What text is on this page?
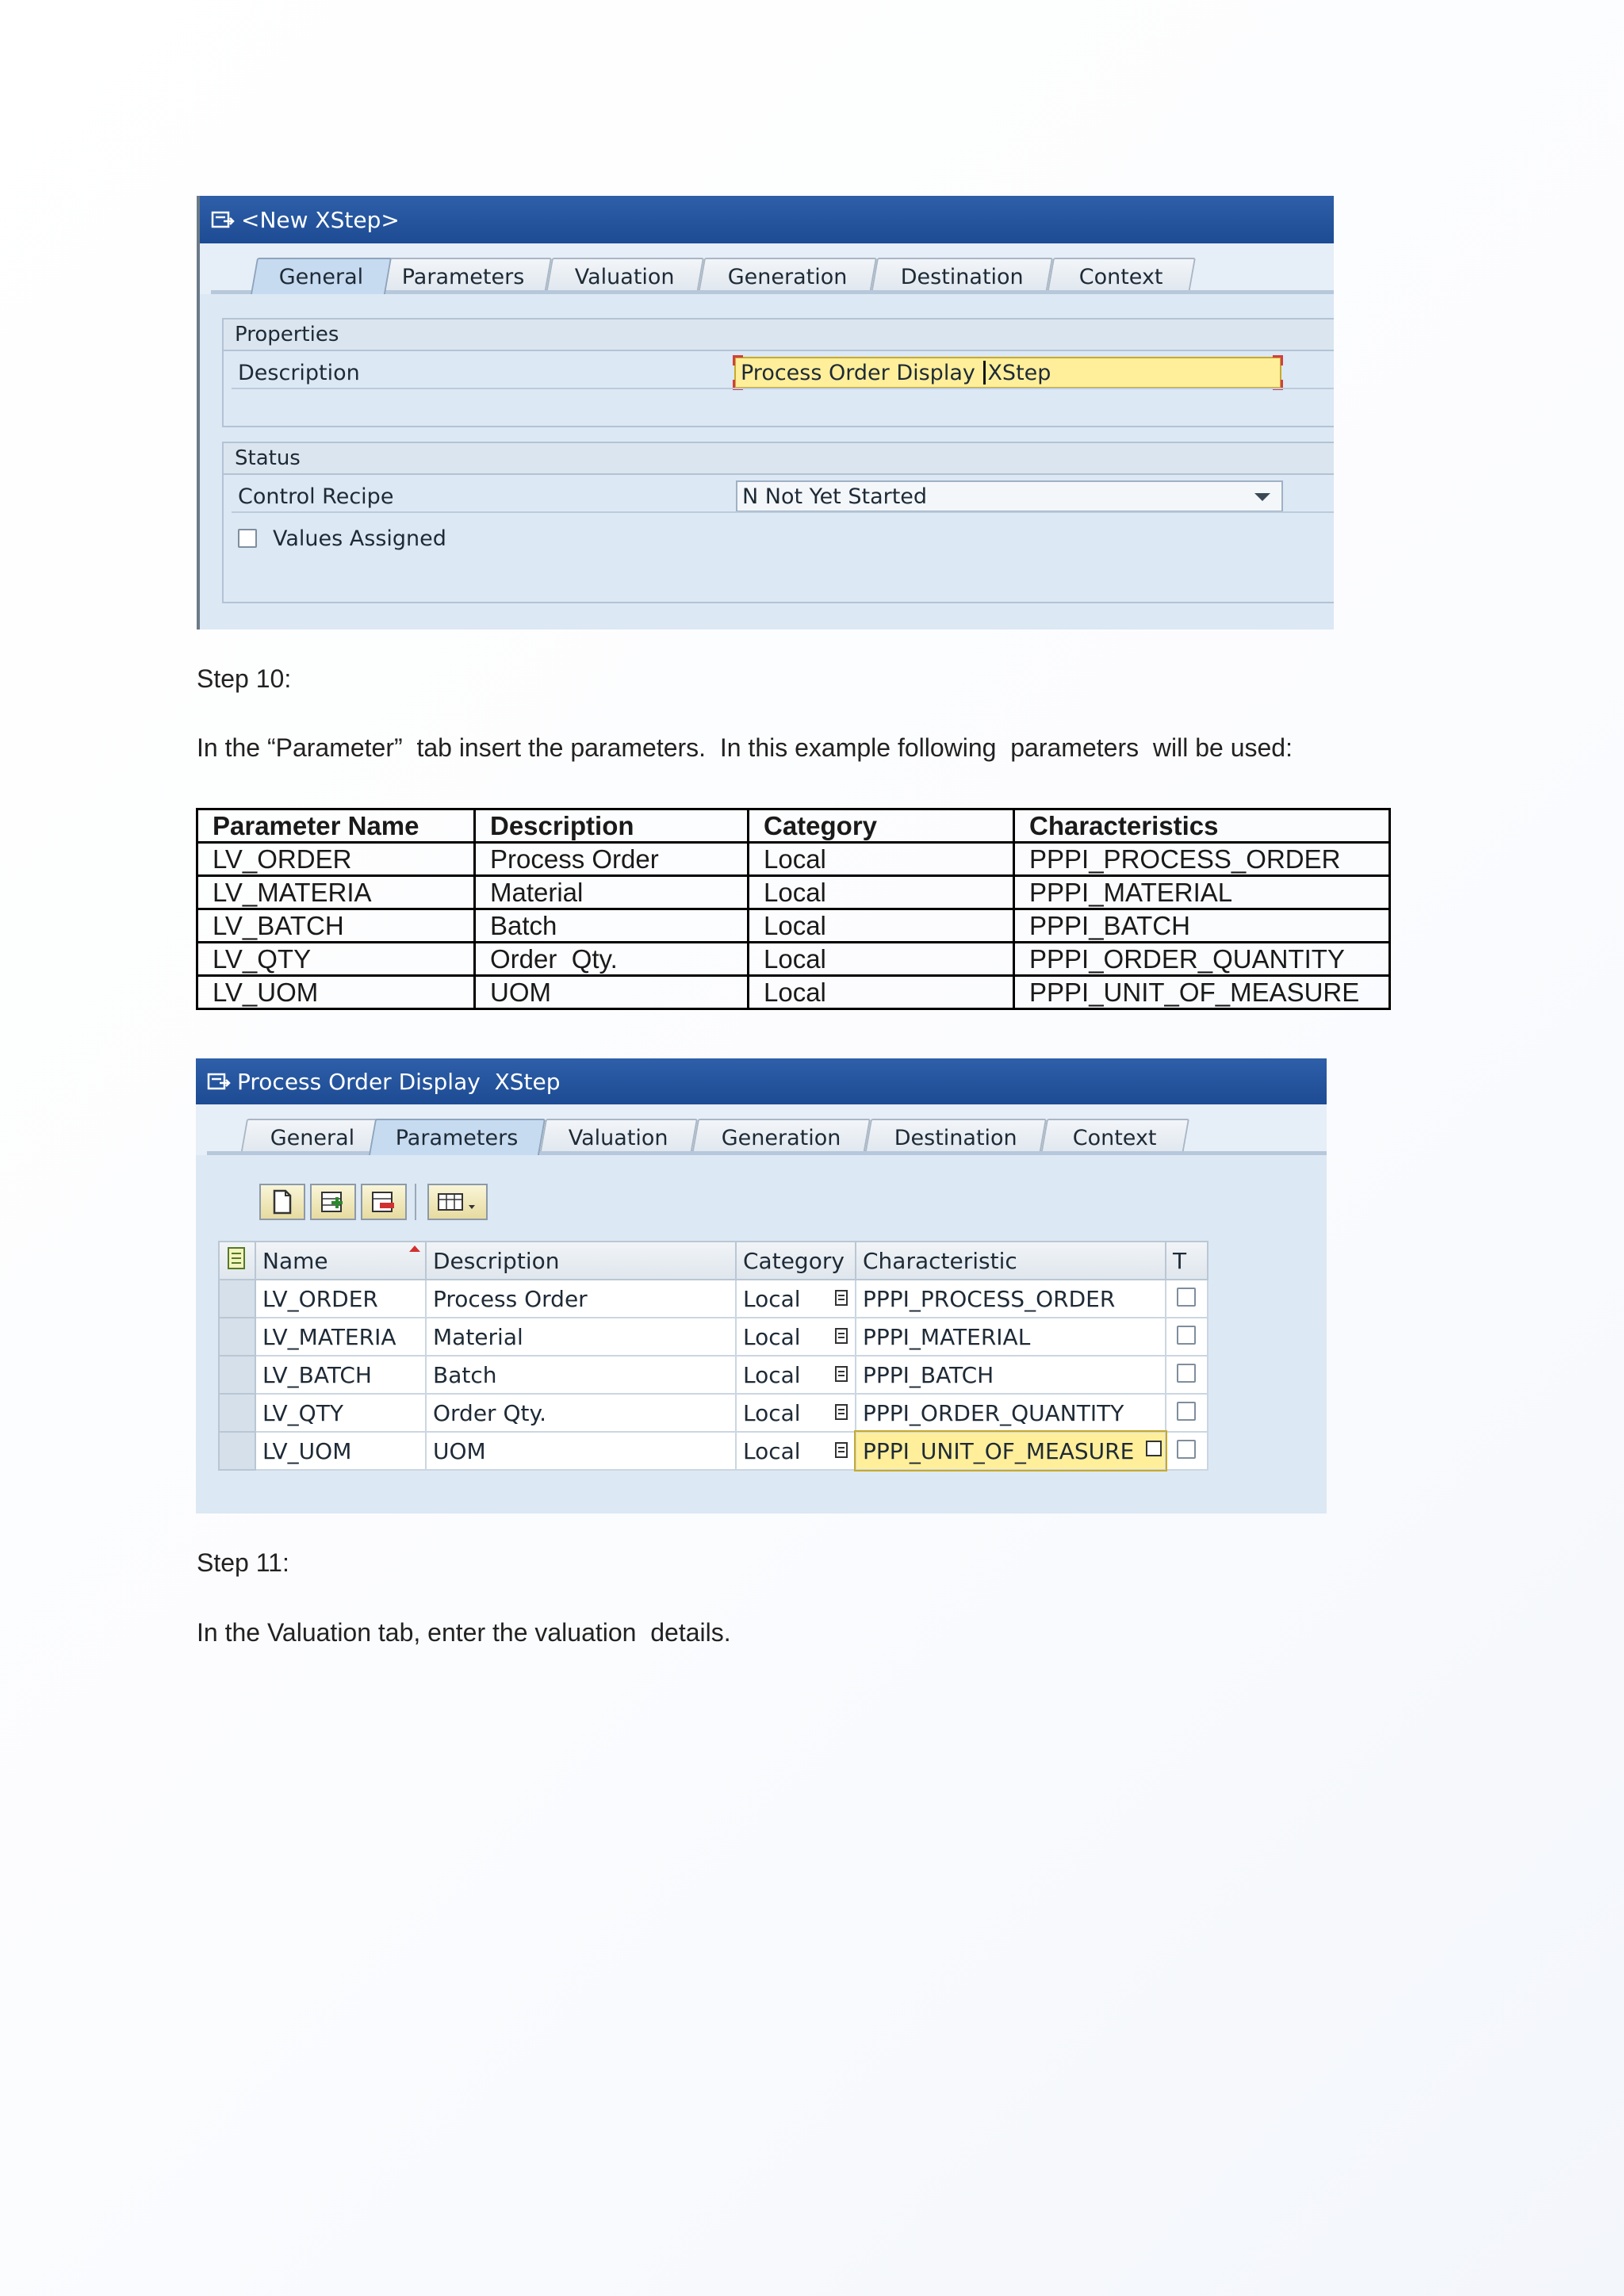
<New XStep>
General Parameters Valuation Generation Destination	Context
Properties
Description	Process Order Display XStep
Status
Control Recipe	N Not Yet Started
Values Assigned
Step 10:
In the “Parameter”  tab insert the parameters.  In this example following  parameters  will be used:
Parameter Name	Description	Category	Characteristics
LV_ORDER	Process Order	Local	PPPI_PROCESS_ORDER
LV_MATERIA	Material	Local	PPPI_MATERIAL
LV_BATCH	Batch	Local	PPPI_BATCH
LV_QTY	Order  Qty.	Local	PPPI_ORDER_QUANTITY
LV_UOM	UOM	Local	PPPI_UNIT_OF_MEASURE
Process Order Display  XStep
General Parameters Valuation Generation Destination	Context
	Name	Description	Category	Characteristic	T
	LV_ORDER	Process Order	Local	PPPI_PROCESS_ORDER	
	LV_MATERIA	Material	Local	PPPI_MATERIAL	
	LV_BATCH	Batch	Local	PPPI_BATCH	
	LV_QTY	Order Qty.	Local	PPPI_ORDER_QUANTITY	
	LV_UOM	UOM	Local	PPPI_UNIT_OF_MEASURE

Step 11:
In the Valuation tab, enter the valuation  details.
